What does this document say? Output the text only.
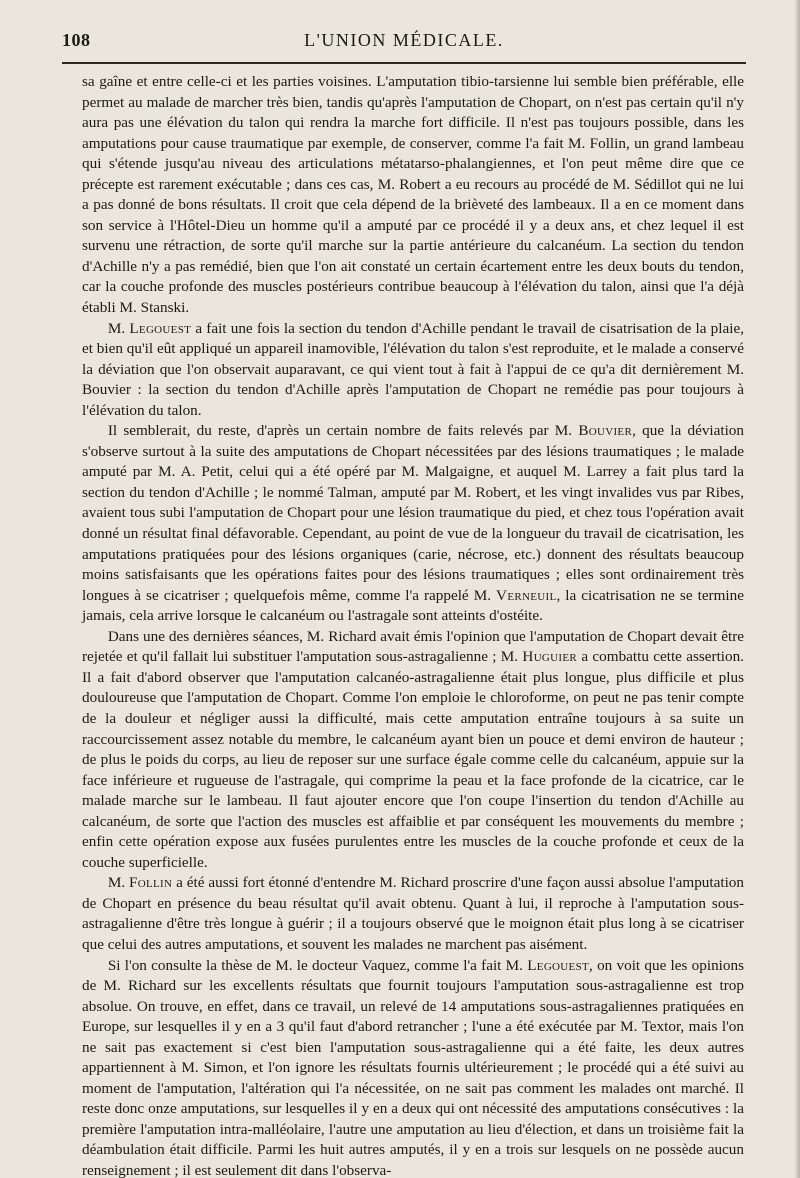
108	L'UNION MÉDICALE.

sa gaîne et entre celle-ci et les parties voisines. L'amputation tibio-tarsienne lui semble bien préférable, elle permet au malade de marcher très bien, tandis qu'après l'amputation de Chopart, on n'est pas certain qu'il n'y aura pas une élévation du talon qui rendra la marche fort difficile. Il n'est pas toujours possible, dans les amputations pour cause traumatique par exemple, de conserver, comme l'a fait M. Follin, un grand lambeau qui s'étende jusqu'au niveau des articulations métatarso-phalangiennes, et l'on peut même dire que ce précepte est rarement exécutable ; dans ces cas, M. Robert a eu recours au procédé de M. Sédillot qui ne lui a pas donné de bons résultats. Il croit que cela dépend de la brièveté des lambeaux. Il a en ce moment dans son service à l'Hôtel-Dieu un homme qu'il a amputé par ce procédé il y a deux ans, et chez lequel il est survenu une rétraction, de sorte qu'il marche sur la partie antérieure du calcanéum. La section du tendon d'Achille n'y a pas remédié, bien que l'on ait constaté un certain écartement entre les deux bouts du tendon, car la couche profonde des muscles postérieurs contribue beaucoup à l'élévation du talon, ainsi que l'a déjà établi M. Stanski.

M. Legouest a fait une fois la section du tendon d'Achille pendant le travail de cisatrisation de la plaie, et bien qu'il eût appliqué un appareil inamovible, l'élévation du talon s'est reproduite, et le malade a conservé la déviation que l'on observait auparavant, ce qui vient tout à fait à l'appui de ce qu'a dit dernièrement M. Bouvier : la section du tendon d'Achille après l'amputation de Chopart ne remédie pas pour toujours à l'élévation du talon.

Il semblerait, du reste, d'après un certain nombre de faits relevés par M. Bouvier, que la déviation s'observe surtout à la suite des amputations de Chopart nécessitées par des lésions traumatiques ; le malade amputé par M. A. Petit, celui qui a été opéré par M. Malgaigne, et auquel M. Larrey a fait plus tard la section du tendon d'Achille ; le nommé Talman, amputé par M. Robert, et les vingt invalides vus par Ribes, avaient tous subi l'amputation de Chopart pour une lésion traumatique du pied, et chez tous l'opération avait donné un résultat final défavorable. Cependant, au point de vue de la longueur du travail de cicatrisation, les amputations pratiquées pour des lésions organiques (carie, nécrose, etc.) donnent des résultats beaucoup moins satisfaisants que les opérations faites pour des lésions traumatiques ; elles sont ordinairement très longues à se cicatriser ; quelquefois même, comme l'a rappelé M. Verneuil, la cicatrisation ne se termine jamais, cela arrive lorsque le calcanéum ou l'astragale sont atteints d'ostéite.

Dans une des dernières séances, M. Richard avait émis l'opinion que l'amputation de Chopart devait être rejetée et qu'il fallait lui substituer l'amputation sous-astragalienne ; M. Huguier a combattu cette assertion. Il a fait d'abord observer que l'amputation calcanéo-astragalienne était plus longue, plus difficile et plus douloureuse que l'amputation de Chopart. Comme l'on emploie le chloroforme, on peut ne pas tenir compte de la douleur et négliger aussi la difficulté, mais cette amputation entraîne toujours à sa suite un raccourcissement assez notable du membre, le calcanéum ayant bien un pouce et demi environ de hauteur ; de plus le poids du corps, au lieu de reposer sur une surface égale comme celle du calcanéum, appuie sur la face inférieure et rugueuse de l'astragale, qui comprime la peau et la face profonde de la cicatrice, car le malade marche sur le lambeau. Il faut ajouter encore que l'on coupe l'insertion du tendon d'Achille au calcanéum, de sorte que l'action des muscles est affaiblie et par conséquent les mouvements du membre ; enfin cette opération expose aux fusées purulentes entre les muscles de la couche profonde et ceux de la couche superficielle.

M. Follin a été aussi fort étonné d'entendre M. Richard proscrire d'une façon aussi absolue l'amputation de Chopart en présence du beau résultat qu'il avait obtenu. Quant à lui, il reproche à l'amputation sous-astragalienne d'être très longue à guérir ; il a toujours observé que le moignon était plus long à se cicatriser que celui des autres amputations, et souvent les malades ne marchent pas aisément.

Si l'on consulte la thèse de M. le docteur Vaquez, comme l'a fait M. Legouest, on voit que les opinions de M. Richard sur les excellents résultats que fournit toujours l'amputation sous-astragalienne est trop absolue. On trouve, en effet, dans ce travail, un relevé de 14 amputations sous-astragaliennes pratiquées en Europe, sur lesquelles il y en a 3 qu'il faut d'abord retrancher ; l'une a été exécutée par M. Textor, mais l'on ne sait pas exactement si c'est bien l'amputation sous-astragalienne qui a été faite, les deux autres appartiennent à M. Simon, et l'on ignore les résultats fournis ultérieurement ; le procédé qui a été suivi au moment de l'amputation, l'altération qui l'a nécessitée, on ne sait pas comment les malades ont marché. Il reste donc onze amputations, sur lesquelles il y en a deux qui ont nécessité des amputations consécutives : la première l'amputation intra-malléolaire, l'autre une amputation au lieu d'élection, et dans un troisième fait la déambulation était difficile. Parmi les huit autres amputés, il y en a trois sur lesquels on ne possède aucun renseignement ; il est seulement dit dans l'observa-
